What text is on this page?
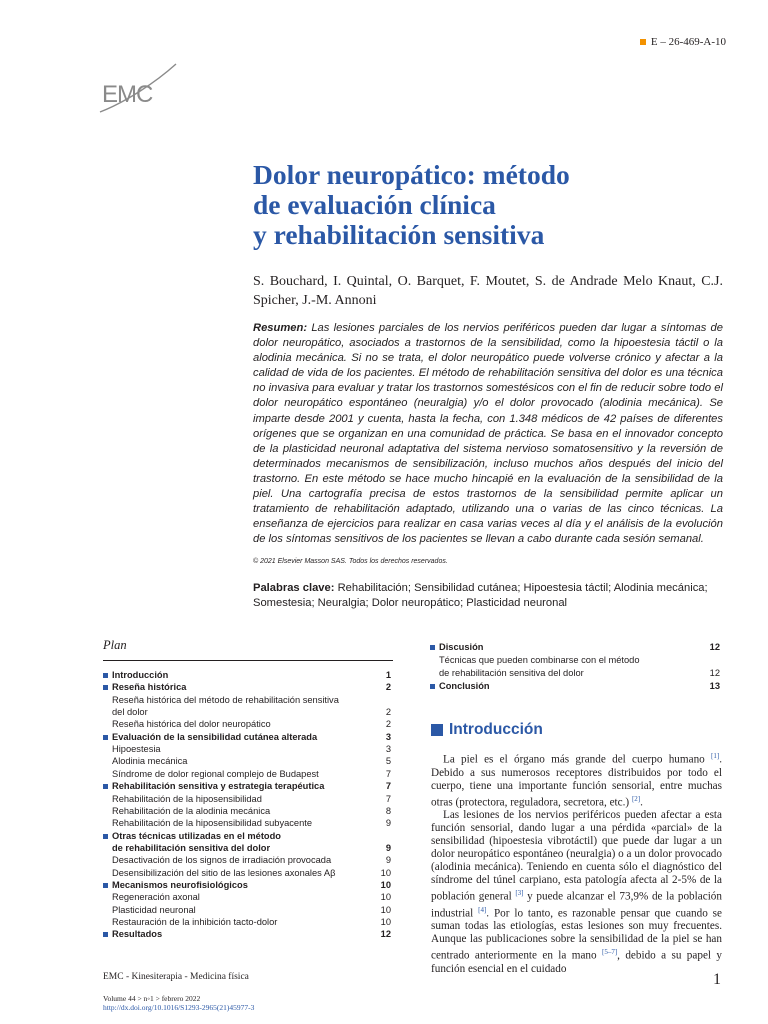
E – 26-469-A-10
EMC
Dolor neuropático: método
de evaluación clínica
y rehabilitación sensitiva
S. Bouchard, I. Quintal, O. Barquet, F. Moutet, S. de Andrade Melo Knaut, C.J. Spicher, J.-M. Annoni
Resumen: Las lesiones parciales de los nervios periféricos pueden dar lugar a síntomas de dolor neuropático, asociados a trastornos de la sensibilidad, como la hipoestesia táctil o la alodinia mecánica. Si no se trata, el dolor neuropático puede volverse crónico y afectar a la calidad de vida de los pacientes. El método de rehabilitación sensitiva del dolor es una técnica no invasiva para evaluar y tratar los trastornos somestésicos con el fin de reducir sobre todo el dolor neuropático espontáneo (neuralgia) y/o el dolor provocado (alodinia mecánica). Se imparte desde 2001 y cuenta, hasta la fecha, con 1.348 médicos de 42 países de diferentes orígenes que se organizan en una comunidad de práctica. Se basa en el innovador concepto de la plasticidad neuronal adaptativa del sistema nervioso somatosensitivo y la reversión de determinados mecanismos de sensibilización, incluso muchos años después del inicio del trastorno. En este método se hace mucho hincapié en la evaluación de la sensibilidad de la piel. Una cartografía precisa de estos trastornos de la sensibilidad permite aplicar un tratamiento de rehabilitación adaptado, utilizando una o varias de las cinco técnicas. La enseñanza de ejercicios para realizar en casa varias veces al día y el análisis de la evolución de los síntomas sensitivos de los pacientes se llevan a cabo durante cada sesión semanal.
© 2021 Elsevier Masson SAS. Todos los derechos reservados.
Palabras clave: Rehabilitación; Sensibilidad cutánea; Hipoestesia táctil; Alodinia mecánica; Somestesia; Neuralgia; Dolor neuropático; Plasticidad neuronal
Plan
Introducción	1
Reseña histórica	2
Reseña histórica del método de rehabilitación sensitiva
del dolor	2
Reseña histórica del dolor neuropático	2
Evaluación de la sensibilidad cutánea alterada	3
Hipoestesia	3
Alodinia mecánica	5
Síndrome de dolor regional complejo de Budapest	7
Rehabilitación sensitiva y estrategia terapéutica	7
Rehabilitación de la hiposensibilidad	7
Rehabilitación de la alodinia mecánica	8
Rehabilitación de la hiposensibilidad subyacente	9
Otras técnicas utilizadas en el método
de rehabilitación sensitiva del dolor	9
Desactivación de los signos de irradiación provocada	9
Desensibilización del sitio de las lesiones axonales Aβ	10
Mecanismos neurofisiológicos	10
Regeneración axonal	10
Plasticidad neuronal	10
Restauración de la inhibición tacto-dolor	10
Resultados	12
Discusión	12
Técnicas que pueden combinarse con el método
de rehabilitación sensitiva del dolor	12
Conclusión	13
Introducción

La piel es el órgano más grande del cuerpo humano [1]. Debido a sus numerosos receptores distribuidos por todo el cuerpo, tiene una importante función sensorial, entre muchas otras (protectora, reguladora, secretora, etc.) [2].

Las lesiones de los nervios periféricos pueden afectar a esta función sensorial, dando lugar a una pérdida «parcial» de la sensibilidad (hipoestesia vibrotáctil) que puede dar lugar a un dolor neuropático espontáneo (neuralgia) o a un dolor provocado (alodinia mecánica). Teniendo en cuenta sólo el diagnóstico del síndrome del túnel carpiano, esta patología afecta al 2-5% de la población general [3] y puede alcanzar el 73,9% de la población industrial [4]. Por lo tanto, es razonable pensar que cuando se suman todas las etiologías, estas lesiones son muy frecuentes. Aunque las publicaciones sobre la sensibilidad de la piel se han centrado anteriormente en la mano [5–7], debido a su papel y función esencial en el cuidado

EMC - Kinesiterapia - Medicina física
Volume 44 > n◦1 > febrero 2022
http://dx.doi.org/10.1016/S1293-2965(21)45977-3
1
